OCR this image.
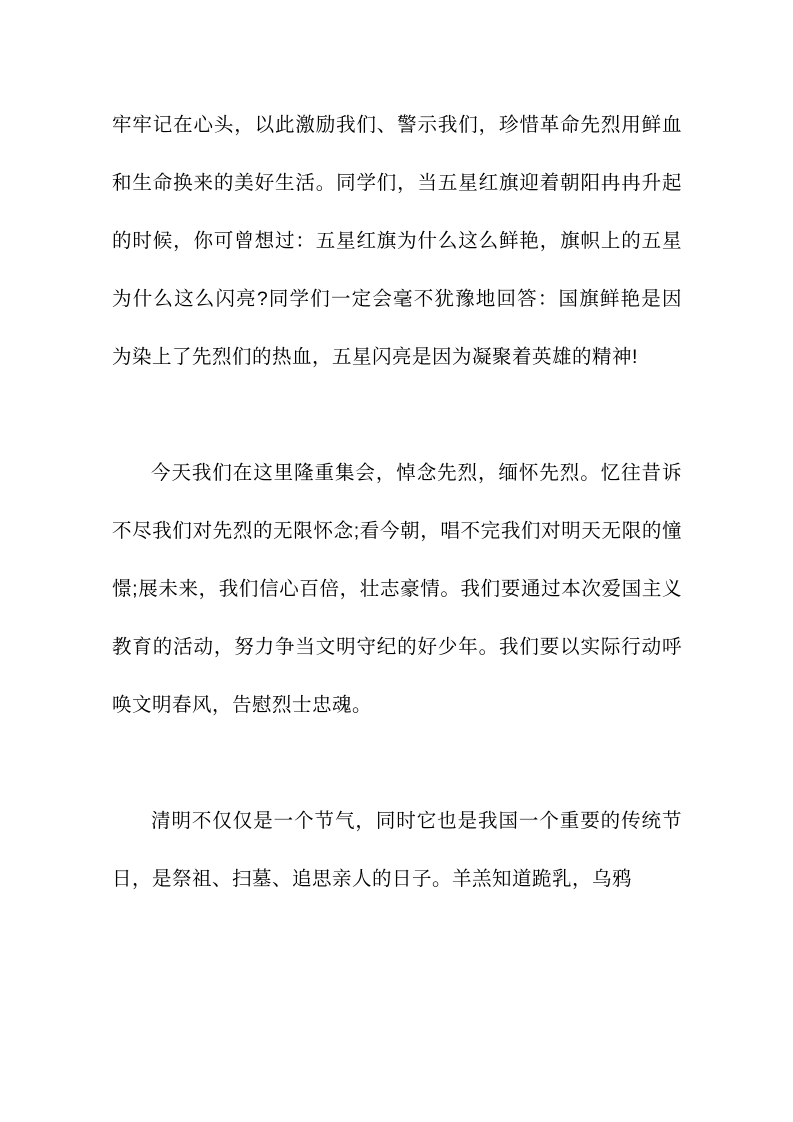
牢牢记在心头，以此激励我们、警示我们，珍惜革命先烈用鲜血和生命换来的美好生活。同学们，当五星红旗迎着朝阳冉冉升起的时候，你可曾想过：五星红旗为什么这么鲜艳，旗帜上的五星为什么这么闪亮?同学们一定会毫不犹豫地回答：国旗鲜艳是因为染上了先烈们的热血，五星闪亮是因为凝聚着英雄的精神!

今天我们在这里隆重集会，悼念先烈，缅怀先烈。忆往昔诉不尽我们对先烈的无限怀念;看今朝，唱不完我们对明天无限的憧憬;展未来，我们信心百倍，壮志豪情。我们要通过本次爱国主义教育的活动，努力争当文明守纪的好少年。我们要以实际行动呼唤文明春风，告慰烈士忠魂。

清明不仅仅是一个节气，同时它也是我国一个重要的传统节日，是祭祖、扫墓、追思亲人的日子。羊羔知道跪乳，乌鸦
